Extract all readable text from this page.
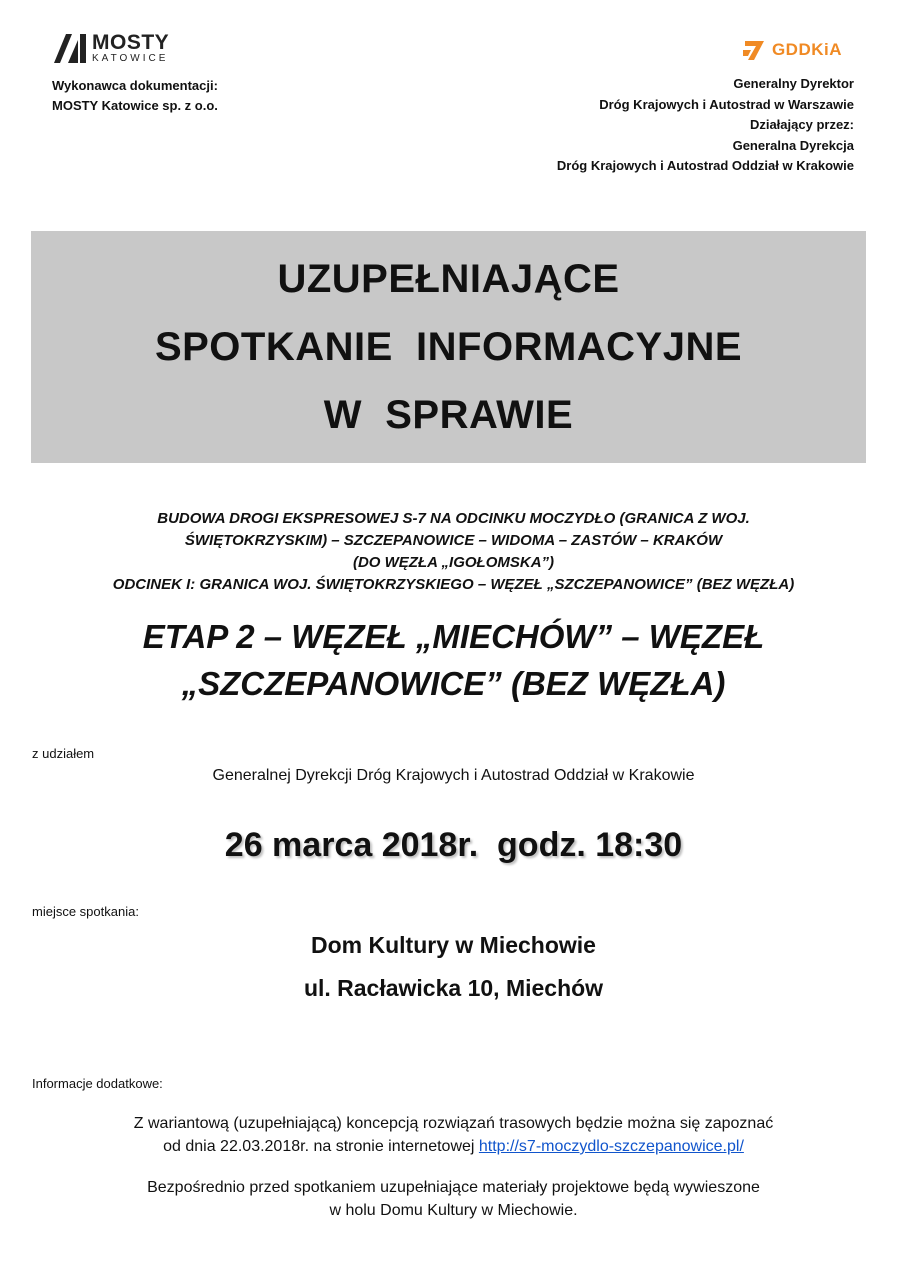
MOSTY
KATOWICE
Wykonawca dokumentacji:
MOSTY Katowice sp. z o.o.
GDDKiA
Generalny Dyrektor
Dróg Krajowych i Autostrad w Warszawie
Działający przez:
Generalna Dyrekcja
Dróg Krajowych i Autostrad Oddział w Krakowie
UZUPEŁNIAJĄCE
SPOTKANIE  INFORMACYJNE
W  SPRAWIE
BUDOWA DROGI EKSPRESOWEJ S-7 NA ODCINKU MOCZYDŁO (GRANICA Z WOJ.
ŚWIĘTOKRZYSKIM) – SZCZEPANOWICE – WIDOMA – ZASTÓW – KRAKÓW
(DO WĘZŁA „IGOŁOMSKA”)
ODCINEK I: GRANICA WOJ. ŚWIĘTOKRZYSKIEGO – WĘZEŁ „SZCZEPANOWICE” (BEZ WĘZŁA)
ETAP 2 – WĘZEŁ „MIECHÓW” – WĘZEŁ
„SZCZEPANOWICE” (BEZ WĘZŁA)
z udziałem
Generalnej Dyrekcji Dróg Krajowych i Autostrad Oddział w Krakowie
26 marca 2018r.  godz. 18:30
miejsce spotkania:
Dom Kultury w Miechowie
ul. Racławicka 10, Miechów
Informacje dodatkowe:
Z wariantową (uzupełniającą) koncepcją rozwiązań trasowych będzie można się zapoznać
od dnia 22.03.2018r. na stronie internetowej http://s7-moczydlo-szczepanowice.pl/
Bezpośrednio przed spotkaniem uzupełniające materiały projektowe będą wywieszone
w holu Domu Kultury w Miechowie.
